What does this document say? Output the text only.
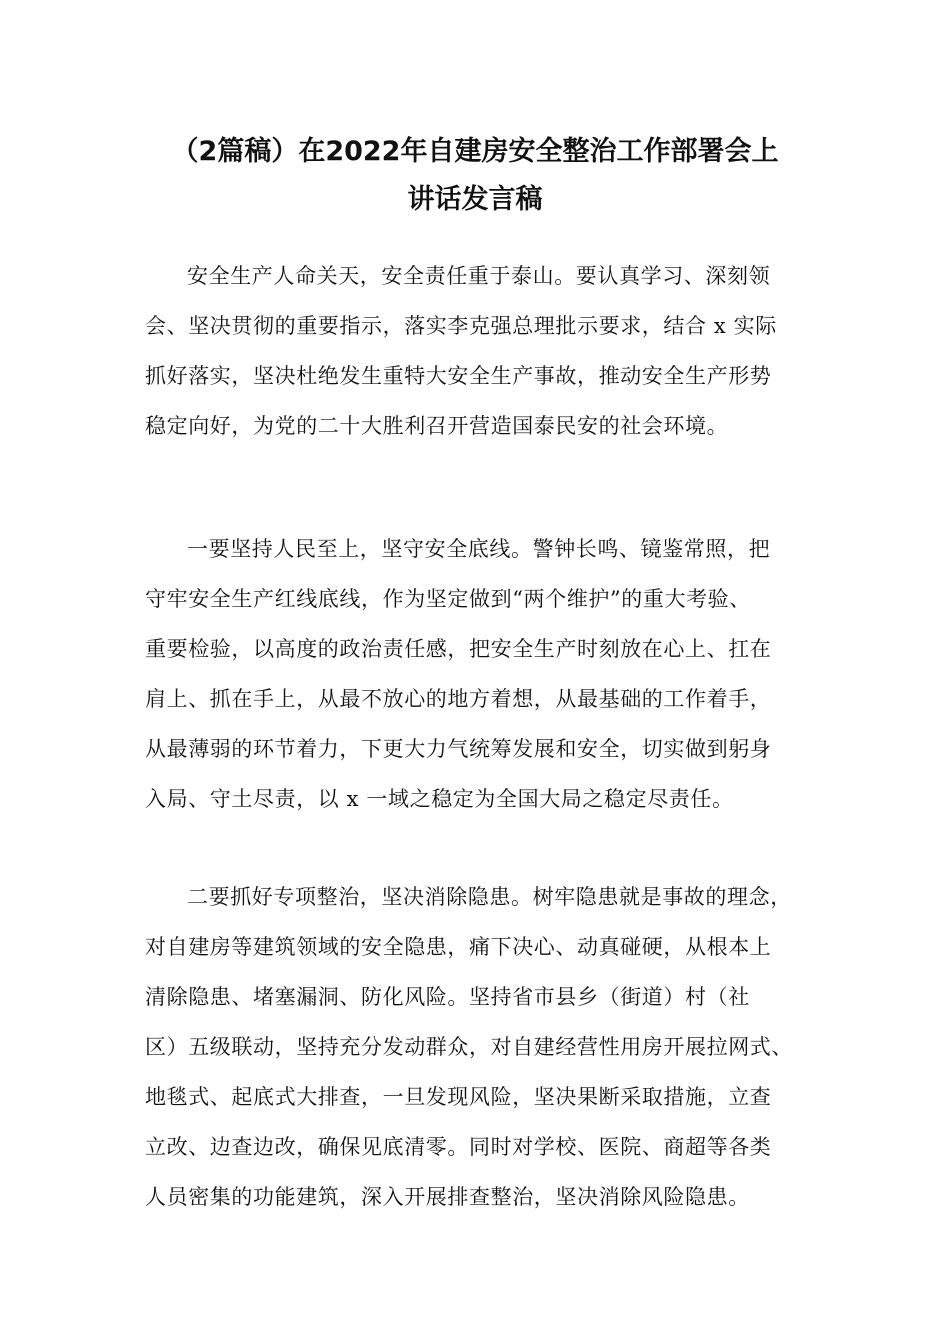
（2篇稿）在2022年自建房安全整治工作部署会上
讲话发言稿
安全生产人命关天，安全责任重于泰山。要认真学习、深刻领
会、坚决贯彻的重要指示，落实李克强总理批示要求，结合 x 实际
抓好落实，坚决杜绝发生重特大安全生产事故，推动安全生产形势
稳定向好，为党的二十大胜利召开营造国泰民安的社会环境。
一要坚持人民至上，坚守安全底线。警钟长鸣、镜鉴常照，把
守牢安全生产红线底线，作为坚定做到“两个维护”的重大考验、
重要检验，以高度的政治责任感，把安全生产时刻放在心上、扛在
肩上、抓在手上，从最不放心的地方着想，从最基础的工作着手，
从最薄弱的环节着力，下更大力气统筹发展和安全，切实做到躬身
入局、守土尽责，以 x 一域之稳定为全国大局之稳定尽责任。
二要抓好专项整治，坚决消除隐患。树牢隐患就是事故的理念，
对自建房等建筑领域的安全隐患，痛下决心、动真碰硬，从根本上
清除隐患、堵塞漏洞、防化风险。坚持省市县乡（街道）村（社
区）五级联动，坚持充分发动群众，对自建经营性用房开展拉网式、
地毯式、起底式大排查，一旦发现风险，坚决果断采取措施，立查
立改、边查边改，确保见底清零。同时对学校、医院、商超等各类
人员密集的功能建筑，深入开展排查整治，坚决消除风险隐患。
